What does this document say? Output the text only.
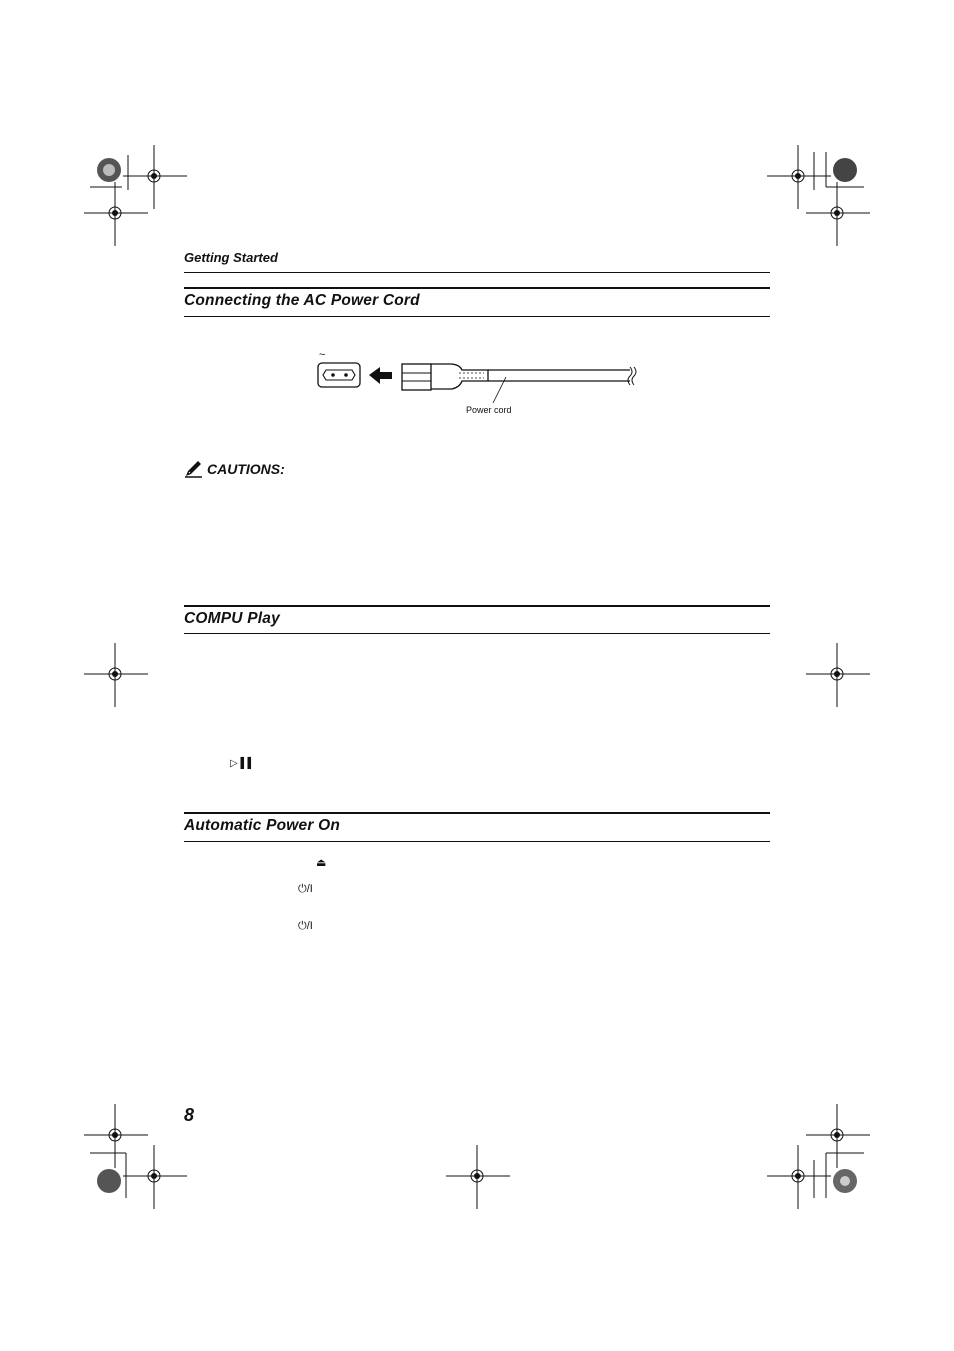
Getting Started
Connecting the AC Power Cord
~
Power cord
CAUTIONS:
COMPU Play
▷ ▌▌
Automatic Power On
⏏
⏻/I
⏻/I
8
